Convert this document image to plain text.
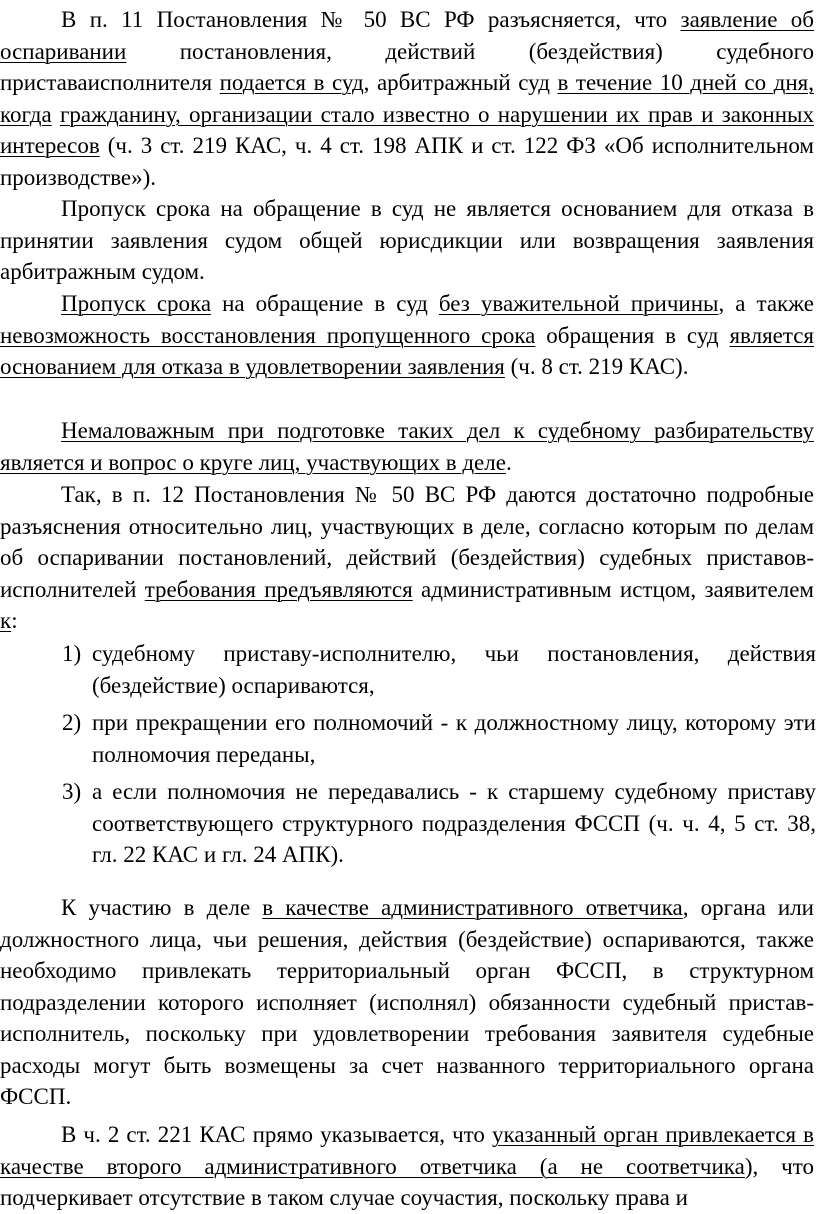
В п. 11 Постановления № 50 ВС РФ разъясняется, что заявление об оспаривании постановления, действий (бездействия) судебного приставаисполнителя подается в суд, арбитражный суд в течение 10 дней со дня, когда гражданину, организации стало известно о нарушении их прав и законных интересов (ч. 3 ст. 219 КАС, ч. 4 ст. 198 АПК и ст. 122 ФЗ «Об исполнительном производстве»).

Пропуск срока на обращение в суд не является основанием для отказа в принятии заявления судом общей юрисдикции или возвращения заявления арбитражным судом.

Пропуск срока на обращение в суд без уважительной причины, а также невозможность восстановления пропущенного срока обращения в суд является основанием для отказа в удовлетворении заявления (ч. 8 ст. 219 КАС).

Немаловажным при подготовке таких дел к судебному разбирательству является и вопрос о круге лиц, участвующих в деле.

Так, в п. 12 Постановления № 50 ВС РФ даются достаточно подробные разъяснения относительно лиц, участвующих в деле, согласно которым по делам об оспаривании постановлений, действий (бездействия) судебных приставов-исполнителей требования предъявляются административным истцом, заявителем к:

1) судебному приставу-исполнителю, чьи постановления, действия (бездействие) оспариваются,
2) при прекращении его полномочий - к должностному лицу, которому эти полномочия переданы,
3) а если полномочия не передавались - к старшему судебному приставу соответствующего структурного подразделения ФССП (ч. ч. 4, 5 ст. 38, гл. 22 КАС и гл. 24 АПК).

К участию в деле в качестве административного ответчика, органа или должностного лица, чьи решения, действия (бездействие) оспариваются, также необходимо привлекать территориальный орган ФССП, в структурном подразделении которого исполняет (исполнял) обязанности судебный пристав-исполнитель, поскольку при удовлетворении требования заявителя судебные расходы могут быть возмещены за счет названного территориального органа ФССП.

В ч. 2 ст. 221 КАС прямо указывается, что указанный орган привлекается в качестве второго административного ответчика (а не соответчика), что подчеркивает отсутствие в таком случае соучастия, поскольку права и
